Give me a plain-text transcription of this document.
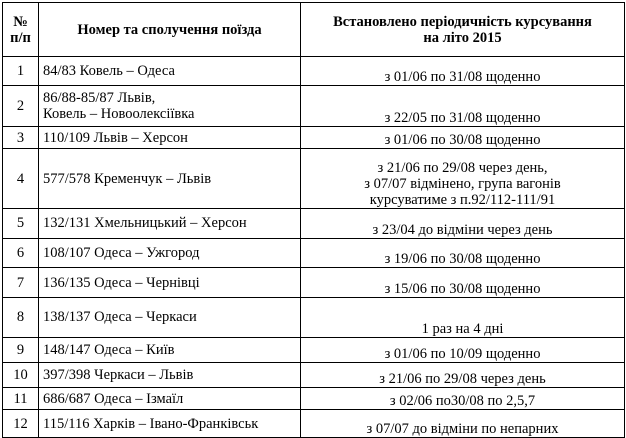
№
п/п	Номер та сполучення поїзда	Встановлено періодичність курсування
на літо 2015

1	84/83 Ковель – Одеса	з 01/06 по 31/08 щоденно

2	86/88-85/87 Львів,
Ковель – Новоолексіївка	з 22/05 по 31/08 щоденно

3	110/109 Львів – Херсон	з 01/06 по 30/08 щоденно

4	577/578 Кременчук – Львів	з 21/06 по 29/08 через день,
з 07/07 відмінено, група вагонів
курсуватиме з п.92/112-111/91

5	132/131 Хмельницький – Херсон	з 23/04 до відміни через день

6	108/107 Одеса – Ужгород	з 19/06 по 30/08 щоденно

7	136/135 Одеса – Чернівці	з 15/06 по 30/08 щоденно

8	138/137 Одеса – Черкаси	1 раз на 4 дні

9	148/147 Одеса – Київ	з 01/06 по 10/09 щоденно

10	397/398 Черкаси – Львів	з 21/06 по 29/08 через день

11	686/687 Одеса – Ізмаїл	з 02/06 по30/08 по 2,5,7

12	115/116 Харків – Івано-Франківськ	з 07/07 до відміни по непарних
